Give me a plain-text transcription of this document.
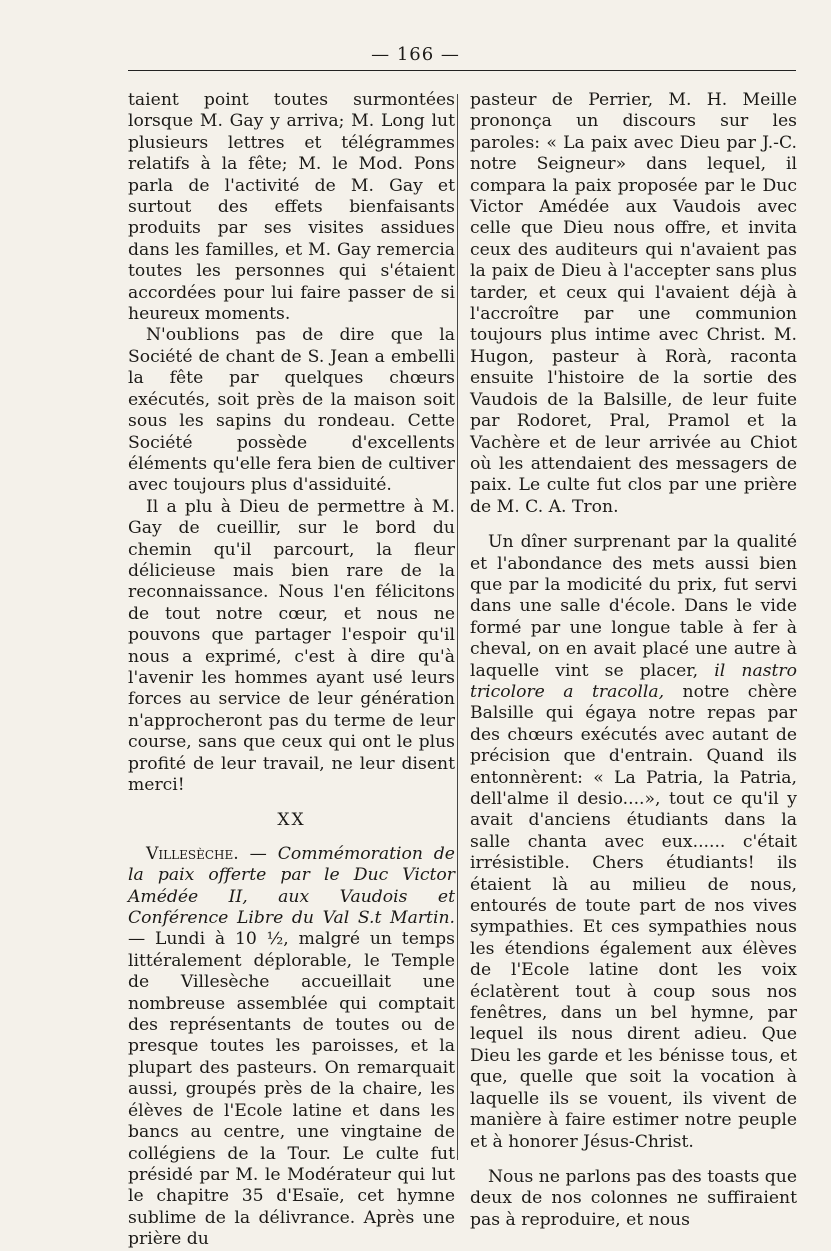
— 166 —

taient point toutes surmontées lorsque M. Gay y arriva; M. Long lut plusieurs lettres et télégrammes relatifs à la fête; M. le Mod. Pons parla de l'activité de M. Gay et surtout des effets bienfaisants produits par ses visites assidues dans les familles, et M. Gay remercia toutes les personnes qui s'étaient accordées pour lui faire passer de si heureux moments.

N'oublions pas de dire que la Société de chant de S. Jean a embelli la fête par quelques chœurs exécutés, soit près de la maison soit sous les sapins du rondeau. Cette Société possède d'excellents éléments qu'elle fera bien de cultiver avec toujours plus d'assiduité.

Il a plu à Dieu de permettre à M. Gay de cueillir, sur le bord du chemin qu'il parcourt, la fleur délicieuse mais bien rare de la reconnaissance. Nous l'en félicitons de tout notre cœur, et nous ne pouvons que partager l'espoir qu'il nous a exprimé, c'est à dire qu'à l'avenir les hommes ayant usé leurs forces au service de leur génération n'approcheront pas du terme de leur course, sans que ceux qui ont le plus profité de leur travail, ne leur disent merci!

XX

Villesèche. — Commémoration de la paix offerte par le Duc Victor Amédée II, aux Vaudois et Conférence Libre du Val S.t Martin. — Lundi à 10 ½, malgré un temps littéralement déplorable, le Temple de Villesèche accueillait une nombreuse assemblée qui comptait des représentants de toutes ou de presque toutes les paroisses, et la plupart des pasteurs. On remarquait aussi, groupés près de la chaire, les élèves de l'Ecole latine et dans les bancs au centre, une vingtaine de collégiens de la Tour. Le culte fut présidé par M. le Modérateur qui lut le chapitre 35 d'Esaïe, cet hymne sublime de la délivrance. Après une prière du

pasteur de Perrier, M. H. Meille prononça un discours sur les paroles: « La paix avec Dieu par J.-C. notre Seigneur» dans lequel, il compara la paix proposée par le Duc Victor Amédée aux Vaudois avec celle que Dieu nous offre, et invita ceux des auditeurs qui n'avaient pas la paix de Dieu à l'accepter sans plus tarder, et ceux qui l'avaient déjà à l'accroître par une communion toujours plus intime avec Christ. M. Hugon, pasteur à Rorà, raconta ensuite l'histoire de la sortie des Vaudois de la Balsille, de leur fuite par Rodoret, Pral, Pramol et la Vachère et de leur arrivée au Chiot où les attendaient des messagers de paix. Le culte fut clos par une prière de M. C. A. Tron.

Un dîner surprenant par la qualité et l'abondance des mets aussi bien que par la modicité du prix, fut servi dans une salle d'école. Dans le vide formé par une longue table à fer à cheval, on en avait placé une autre à laquelle vint se placer, il nastro tricolore a tracolla, notre chère Balsille qui égaya notre repas par des chœurs exécutés avec autant de précision que d'entrain. Quand ils entonnèrent: « La Patria, la Patria, dell'alme il desio....», tout ce qu'il y avait d'anciens étudiants dans la salle chanta avec eux...... c'était irrésistible. Chers étudiants! ils étaient là au milieu de nous, entourés de toute part de nos vives sympathies. Et ces sympathies nous les étendions également aux élèves de l'Ecole latine dont les voix éclatèrent tout à coup sous nos fenêtres, dans un bel hymne, par lequel ils nous dirent adieu. Que Dieu les garde et les bénisse tous, et que, quelle que soit la vocation à laquelle ils se vouent, ils vivent de manière à faire estimer notre peuple et à honorer Jésus-Christ.

Nous ne parlons pas des toasts que deux de nos colonnes ne suffiraient pas à reproduire, et nous
